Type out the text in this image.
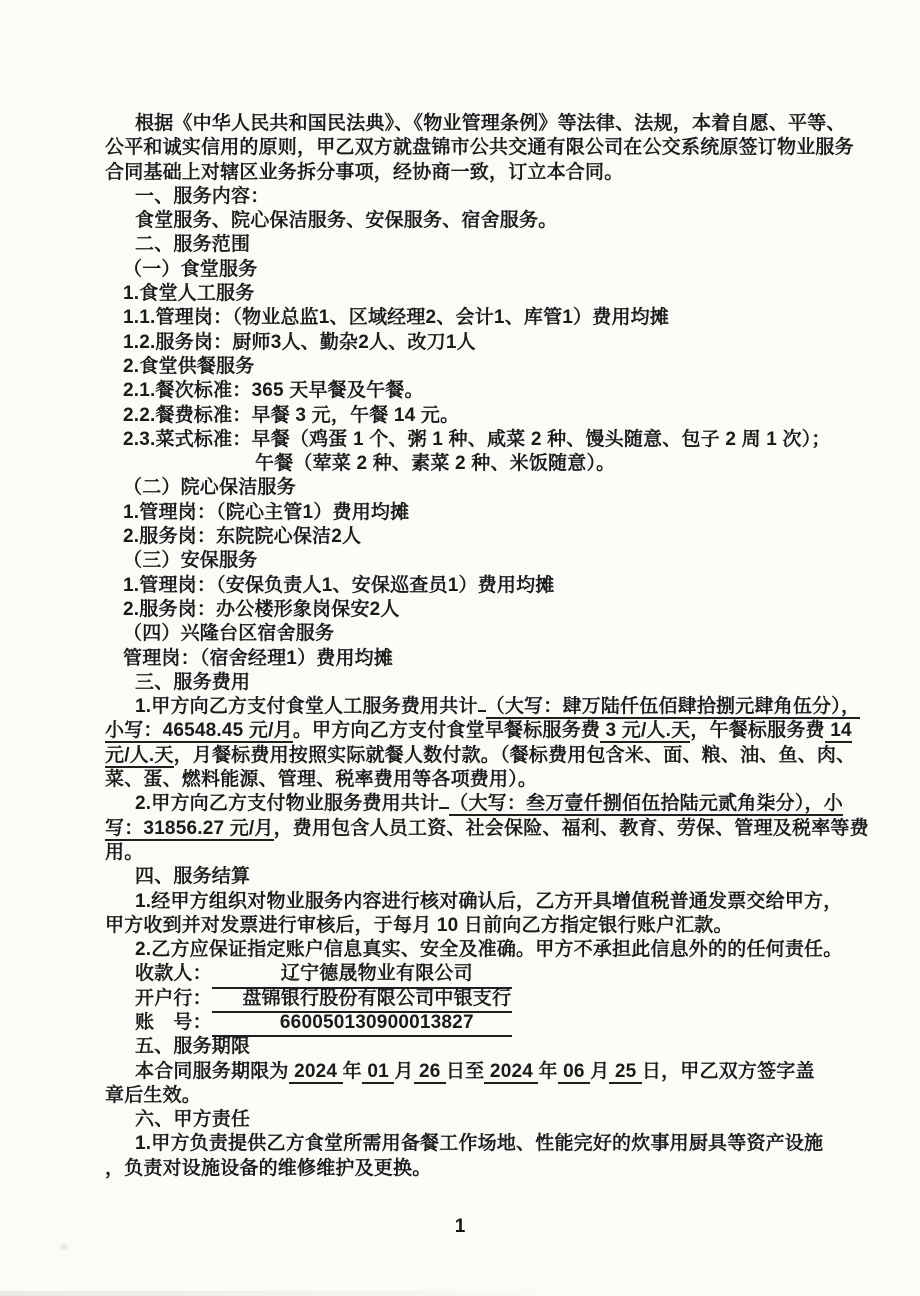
根据《中华人民共和国民法典》、《物业管理条例》等法律、法规，本着自愿、平等、
公平和诚实信用的原则，甲乙双方就盘锦市公共交通有限公司在公交系统原签订物业服务
合同基础上对辖区业务拆分事项，经协商一致，订立本合同。
一、服务内容：
食堂服务、院心保洁服务、安保服务、宿舍服务。
二、服务范围
（一）食堂服务
1.食堂人工服务
1.1.管理岗：（物业总监1、区域经理2、会计1、库管1）费用均摊
1.2.服务岗：厨师3人、勤杂2人、改刀1人
2.食堂供餐服务
2.1.餐次标准：365 天早餐及午餐。
2.2.餐费标准：早餐 3 元，午餐 14 元。
2.3.菜式标准：早餐（鸡蛋 1 个、粥 1 种、咸菜 2 种、馒头随意、包子 2 周 1 次）；
午餐（荤菜 2 种、素菜 2 种、米饭随意）。
（二）院心保洁服务
1.管理岗：（院心主管1）费用均摊
2.服务岗：东院院心保洁2人
（三）安保服务
1.管理岗：（安保负责人1、安保巡查员1）费用均摊
2.服务岗：办公楼形象岗保安2人
（四）兴隆台区宿舍服务
管理岗：（宿舍经理1）费用均摊
三、服务费用
1.甲方向乙方支付食堂人工服务费用共计 （大写：肆万陆仟伍佰肆拾捌元肆角伍分），
小写：46548.45 元/月。甲方向乙方支付食堂早餐标服务费 3 元/人.天，午餐标服务费 14
元/人.天，月餐标费用按照实际就餐人数付款。（餐标费用包含米、面、粮、油、鱼、肉、
菜、蛋、燃料能源、管理、税率费用等各项费用）。
2.甲方向乙方支付物业服务费用共计 （大写：叁万壹仟捌佰伍拾陆元贰角柒分），小
写：31856.27 元/月，费用包含人员工资、社会保险、福利、教育、劳保、管理及税率等费
用。
四、服务结算
1.经甲方组织对物业服务内容进行核对确认后，乙方开具增值税普通发票交给甲方，
甲方收到并对发票进行审核后，于每月 10 日前向乙方指定银行账户汇款。
2.乙方应保证指定账户信息真实、安全及准确。甲方不承担此信息外的的任何责任。
收款人：	辽宁德晟物业有限公司
开户行： 盘锦银行股份有限公司中银支行
账　号：	660050130900013827
五、服务期限
本合同服务期限为 2024 年 01 月 26 日至 2024 年 06 月 25 日，甲乙双方签字盖
章后生效。
六、甲方责任
1.甲方负责提供乙方食堂所需用备餐工作场地、性能完好的炊事用厨具等资产设施
，负责对设施设备的维修维护及更换。
1
